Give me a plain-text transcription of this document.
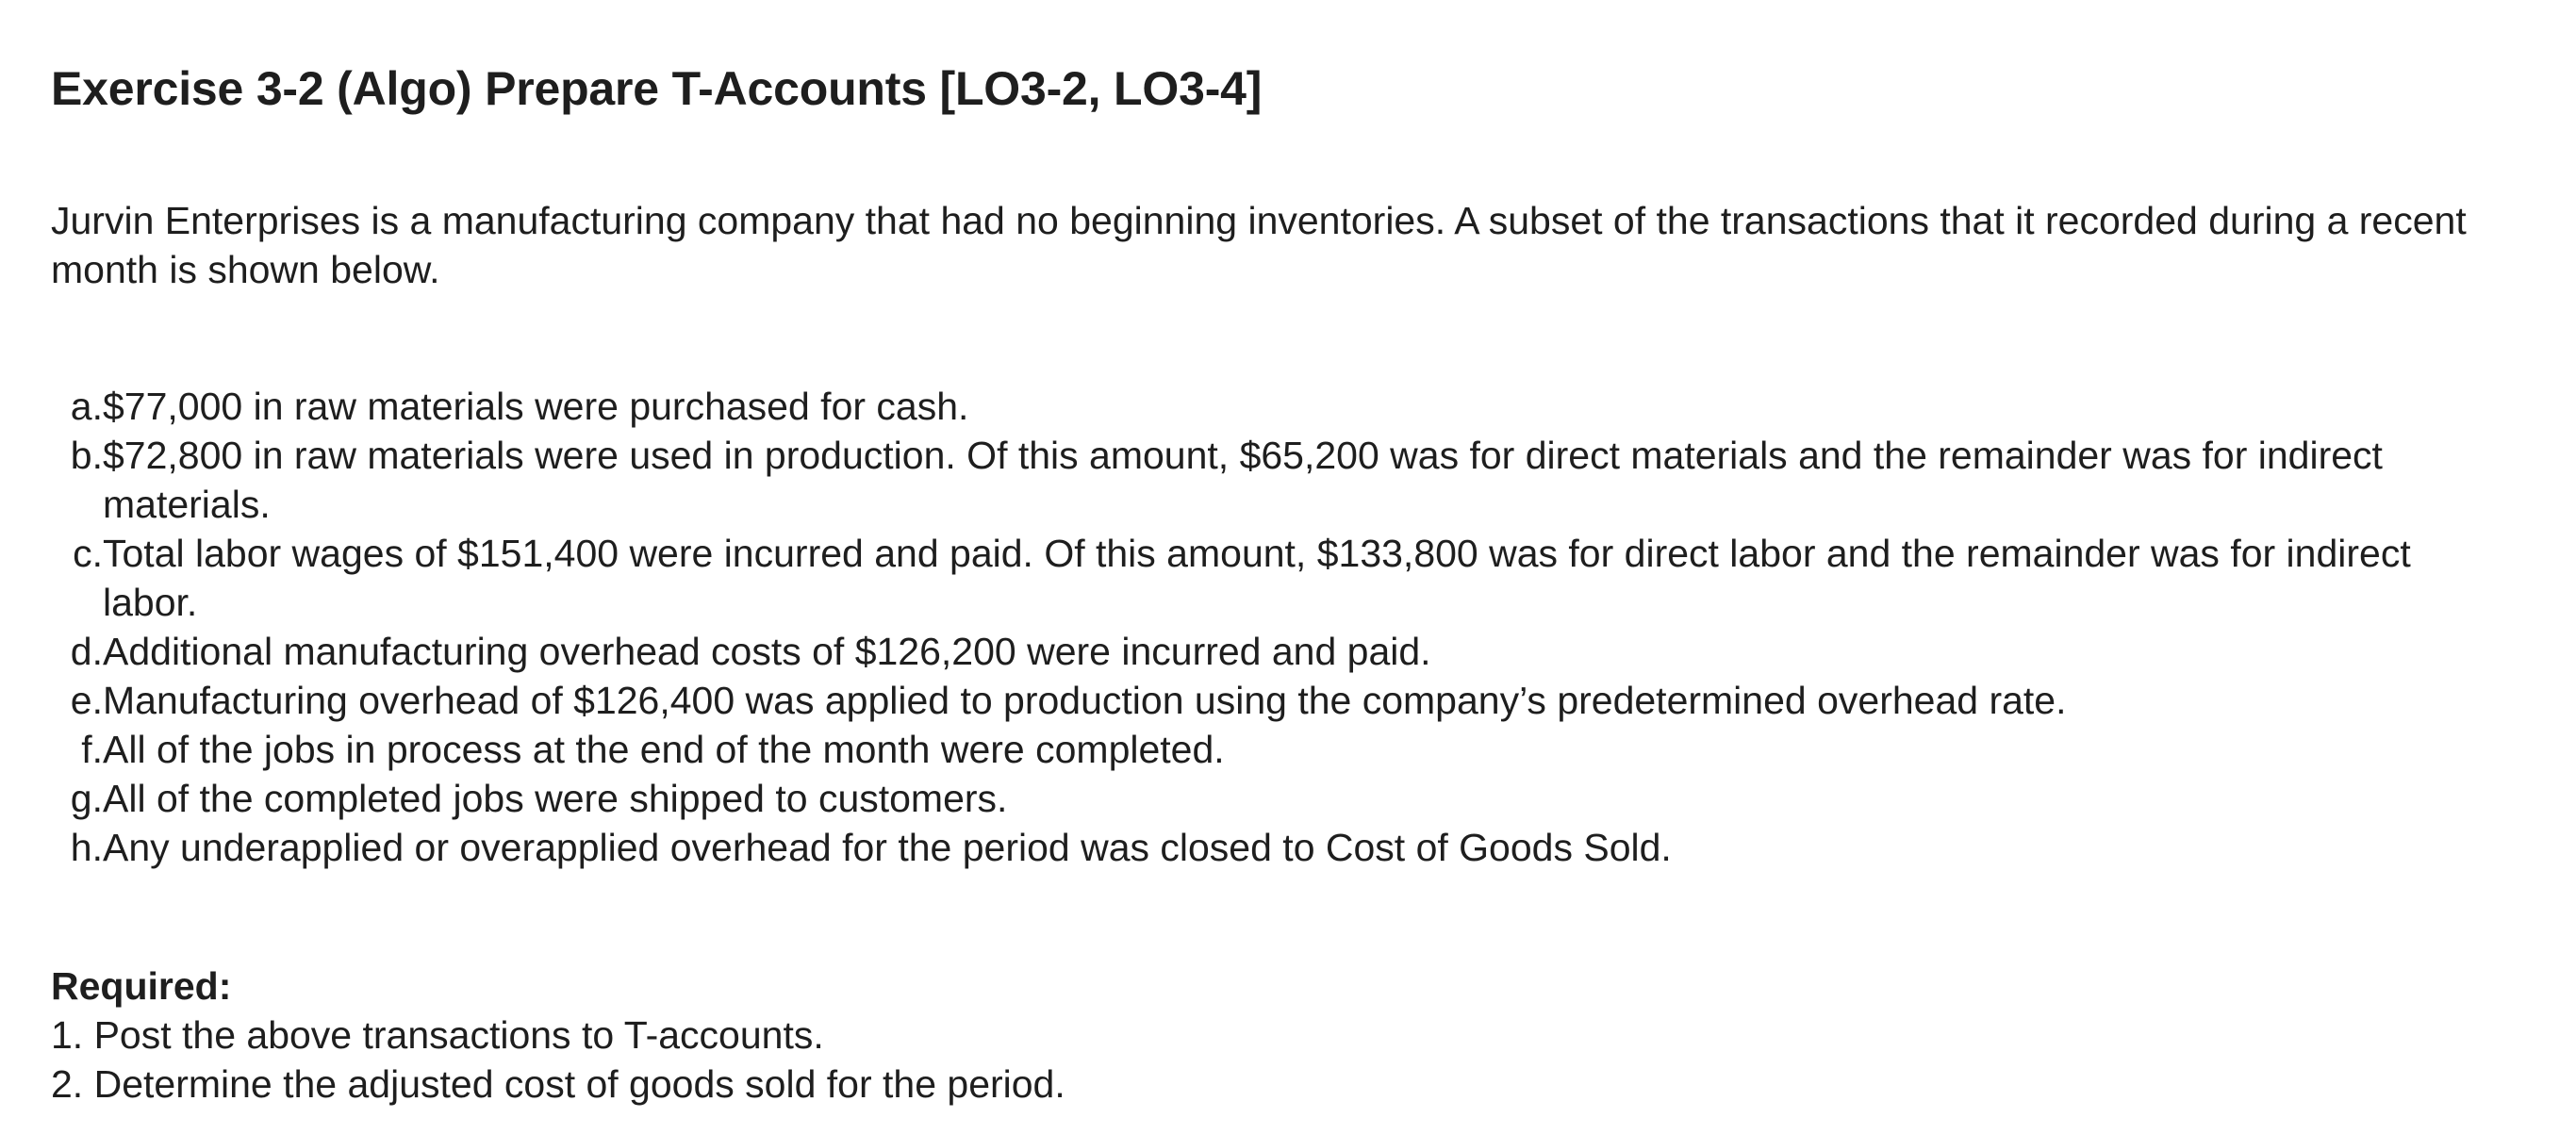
Exercise 3-2 (Algo) Prepare T-Accounts [LO3-2, LO3-4]

Jurvin Enterprises is a manufacturing company that had no beginning inventories. A subset of the transactions that it recorded during a recent month is shown below.

a. $77,000 in raw materials were purchased for cash.
b. $72,800 in raw materials were used in production. Of this amount, $65,200 was for direct materials and the remainder was for indirect materials.
c. Total labor wages of $151,400 were incurred and paid. Of this amount, $133,800 was for direct labor and the remainder was for indirect labor.
d. Additional manufacturing overhead costs of $126,200 were incurred and paid.
e. Manufacturing overhead of $126,400 was applied to production using the company’s predetermined overhead rate.
f. All of the jobs in process at the end of the month were completed.
g. All of the completed jobs were shipped to customers.
h. Any underapplied or overapplied overhead for the period was closed to Cost of Goods Sold.

Required:

1. Post the above transactions to T-accounts.

2. Determine the adjusted cost of goods sold for the period.
